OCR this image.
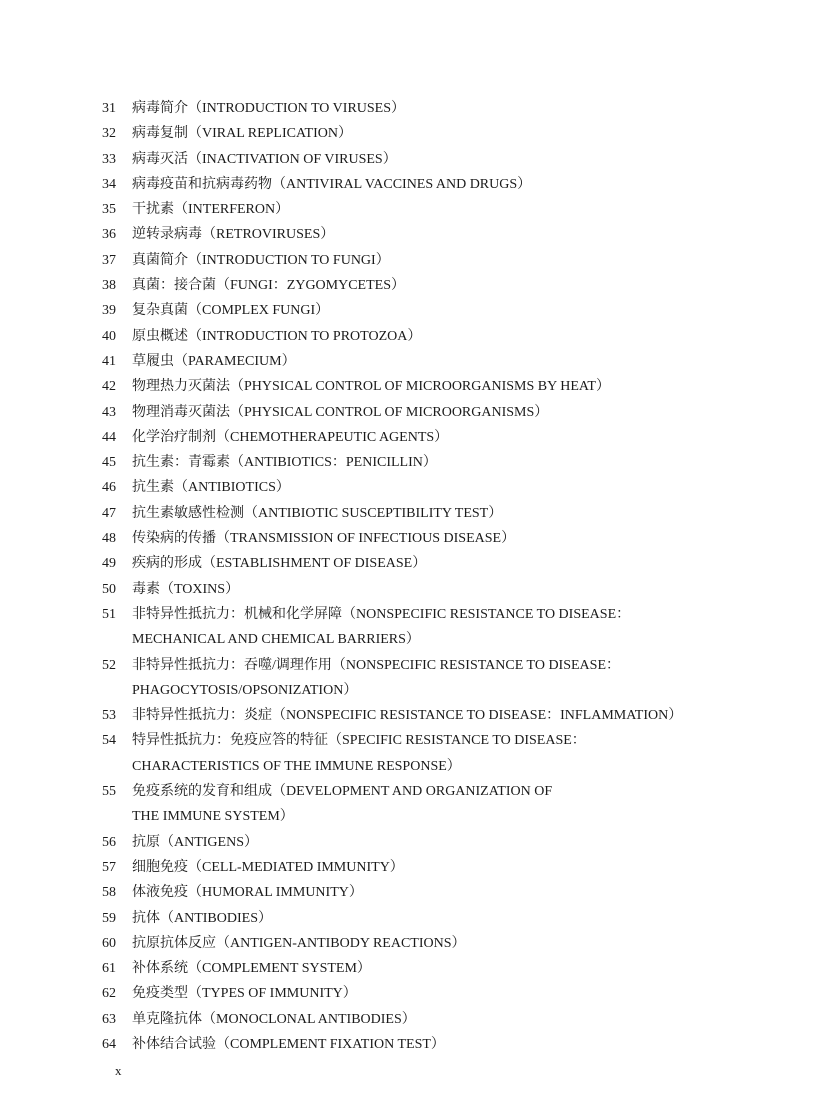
31	病毒简介（INTRODUCTION TO VIRUSES）
32	病毒复制（VIRAL REPLICATION）
33	病毒灭活（INACTIVATION OF VIRUSES）
34	病毒疫苗和抗病毒药物（ANTIVIRAL VACCINES AND DRUGS）
35	干扰素（INTERFERON）
36	逆转录病毒（RETROVIRUSES）
37	真菌简介（INTRODUCTION TO FUNGI）
38	真菌：接合菌（FUNGI：ZYGOMYCETES）
39	复杂真菌（COMPLEX FUNGI）
40	原虫概述（INTRODUCTION TO PROTOZOA）
41	草履虫（PARAMECIUM）
42	物理热力灭菌法（PHYSICAL CONTROL OF MICROORGANISMS BY HEAT）
43	物理消毒灭菌法（PHYSICAL CONTROL OF MICROORGANISMS）
44	化学治疗制剂（CHEMOTHERAPEUTIC AGENTS）
45	抗生素：青霉素（ANTIBIOTICS：PENICILLIN）
46	抗生素（ANTIBIOTICS）
47	抗生素敏感性检测（ANTIBIOTIC SUSCEPTIBILITY TEST）
48	传染病的传播（TRANSMISSION OF INFECTIOUS DISEASE）
49	疾病的形成（ESTABLISHMENT OF DISEASE）
50	毒素（TOXINS）
51	非特异性抵抗力：机械和化学屏障（NONSPECIFIC RESISTANCE TO DISEASE：
MECHANICAL AND CHEMICAL BARRIERS）
52	非特异性抵抗力：吞噬/调理作用（NONSPECIFIC RESISTANCE TO DISEASE：
PHAGOCYTOSIS/OPSONIZATION）
53	非特异性抵抗力：炎症（NONSPECIFIC RESISTANCE TO DISEASE：INFLAMMATION）
54	特异性抵抗力：免疫应答的特征（SPECIFIC RESISTANCE TO DISEASE：
CHARACTERISTICS OF THE IMMUNE RESPONSE）
55	免疫系统的发育和组成（DEVELOPMENT AND ORGANIZATION OF
THE IMMUNE SYSTEM）
56	抗原（ANTIGENS）
57	细胞免疫（CELL-MEDIATED IMMUNITY）
58	体液免疫（HUMORAL IMMUNITY）
59	抗体（ANTIBODIES）
60	抗原抗体反应（ANTIGEN-ANTIBODY REACTIONS）
61	补体系统（COMPLEMENT SYSTEM）
62	免疫类型（TYPES OF IMMUNITY）
63	单克隆抗体（MONOCLONAL ANTIBODIES）
64	补体结合试验（COMPLEMENT FIXATION TEST）
x
